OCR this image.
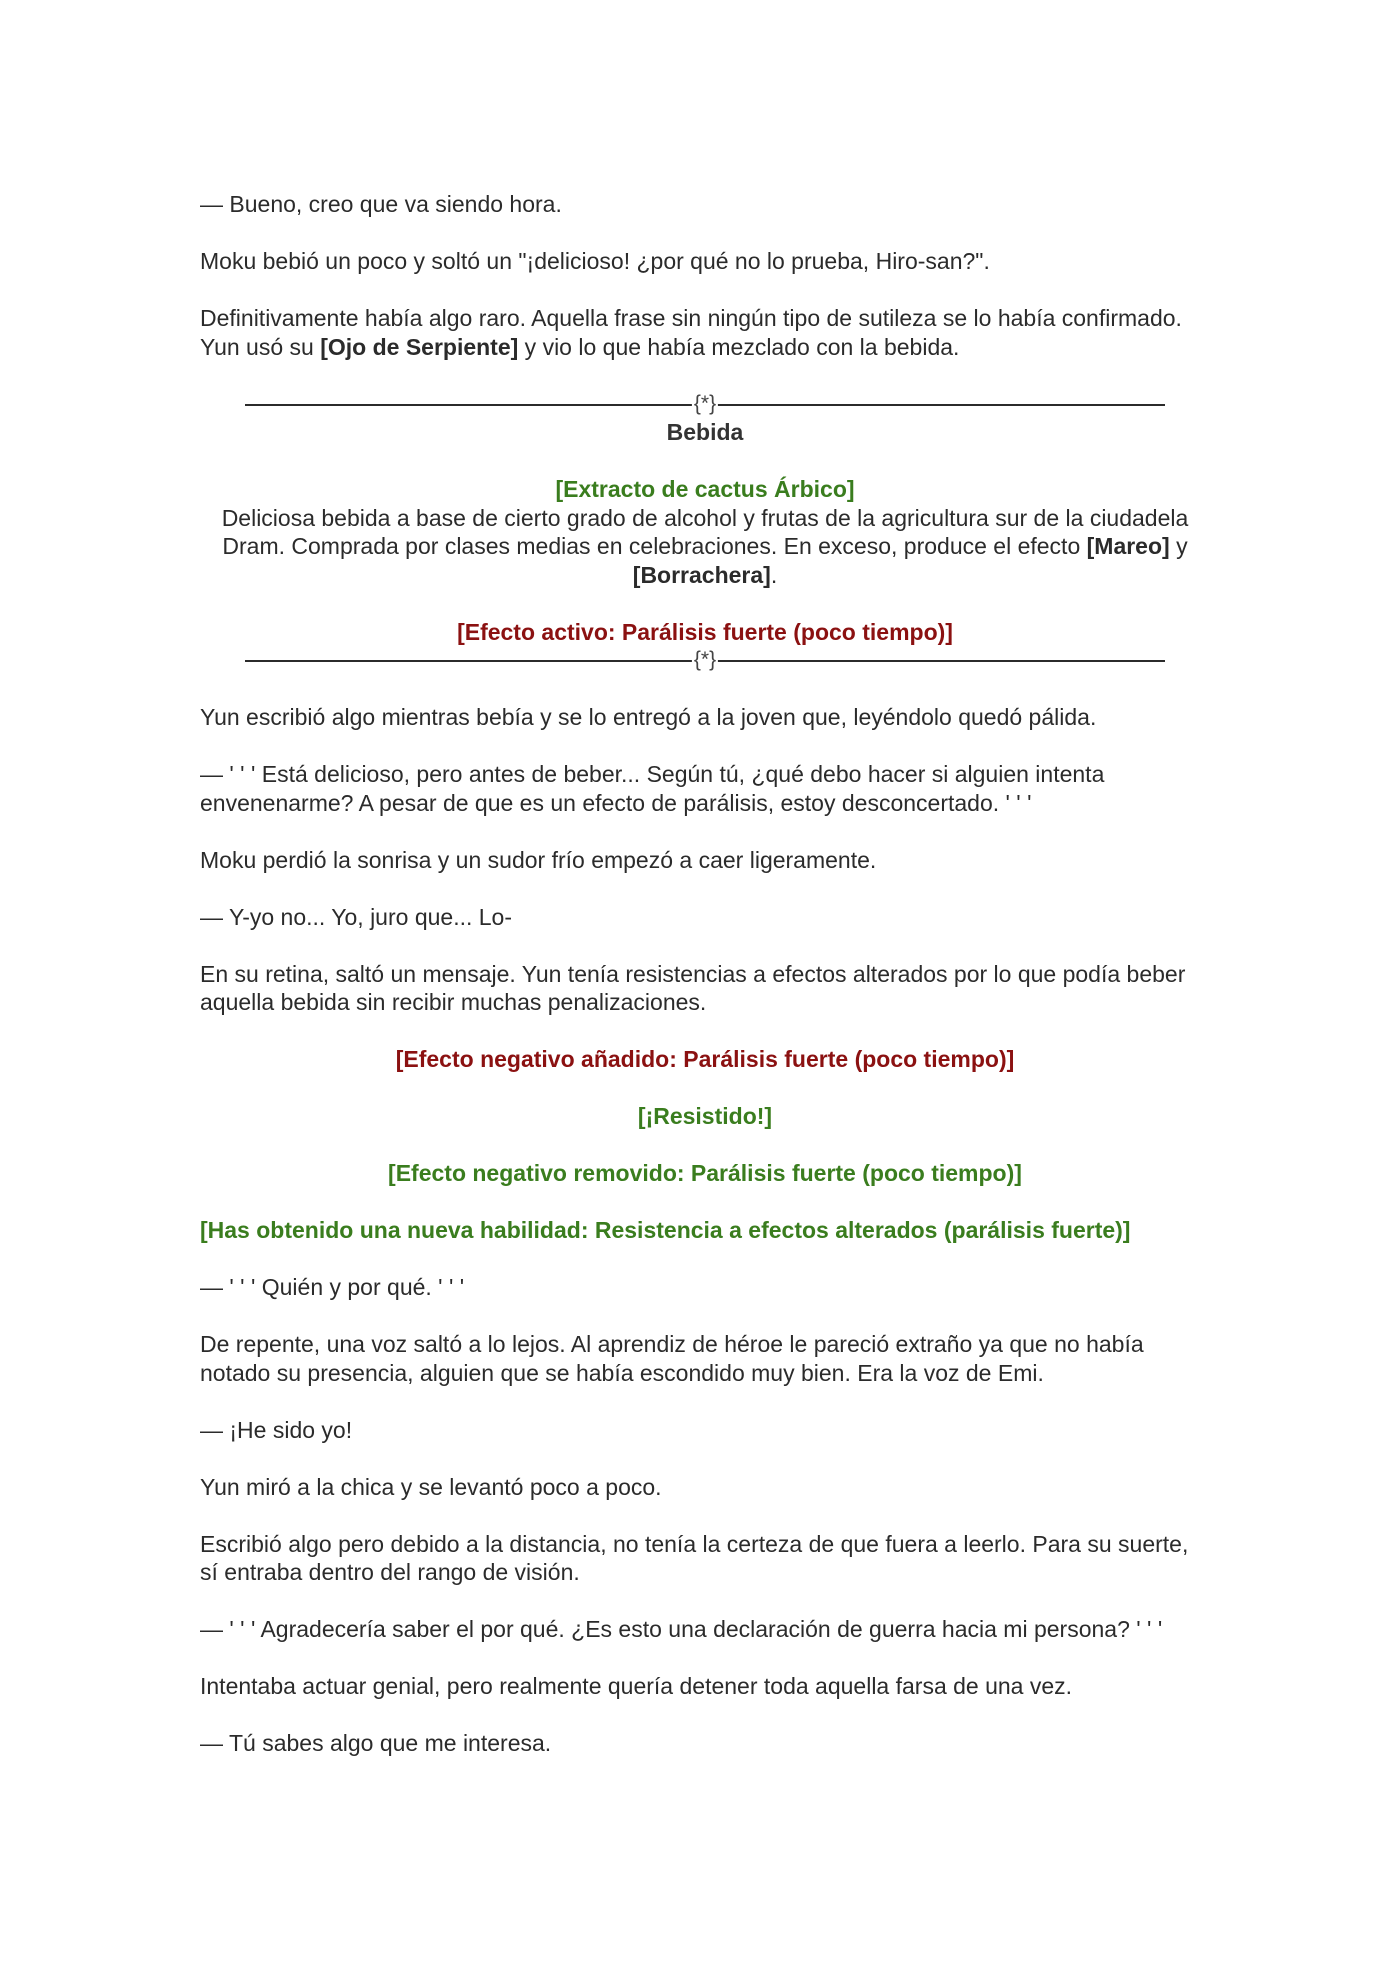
— Bueno, creo que va siendo hora.

Moku bebió un poco y soltó un "¡delicioso! ¿por qué no lo prueba, Hiro-san?".

Definitivamente había algo raro. Aquella frase sin ningún tipo de sutileza se lo había confirmado. Yun usó su [Ojo de Serpiente] y vio lo que había mezclado con la bebida.

{*}
Bebida
[Extracto de cactus Árbico]
Deliciosa bebida a base de cierto grado de alcohol y frutas de la agricultura sur de la ciudadela Dram. Comprada por clases medias en celebraciones. En exceso, produce el efecto [Mareo] y [Borrachera].
[Efecto activo: Parálisis fuerte (poco tiempo)]
{*}

Yun escribió algo mientras bebía y se lo entregó a la joven que, leyéndolo quedó pálida.

— ' ' ' Está delicioso, pero antes de beber... Según tú, ¿qué debo hacer si alguien intenta envenenarme? A pesar de que es un efecto de parálisis, estoy desconcertado. ' ' '

Moku perdió la sonrisa y un sudor frío empezó a caer ligeramente.

— Y-yo no... Yo, juro que... Lo-

En su retina, saltó un mensaje. Yun tenía resistencias a efectos alterados por lo que podía beber aquella bebida sin recibir muchas penalizaciones.

[Efecto negativo añadido: Parálisis fuerte (poco tiempo)]

[¡Resistido!]

[Efecto negativo removido: Parálisis fuerte (poco tiempo)]

[Has obtenido una nueva habilidad: Resistencia a efectos alterados (parálisis fuerte)]

— ' ' ' Quién y por qué. ' ' '

De repente, una voz saltó a lo lejos. Al aprendiz de héroe le pareció extraño ya que no había notado su presencia, alguien que se había escondido muy bien. Era la voz de Emi.

— ¡He sido yo!

Yun miró a la chica y se levantó poco a poco.

Escribió algo pero debido a la distancia, no tenía la certeza de que fuera a leerlo. Para su suerte, sí entraba dentro del rango de visión.

— ' ' ' Agradecería saber el por qué. ¿Es esto una declaración de guerra hacia mi persona? ' ' '

Intentaba actuar genial, pero realmente quería detener toda aquella farsa de una vez.

— Tú sabes algo que me interesa.
